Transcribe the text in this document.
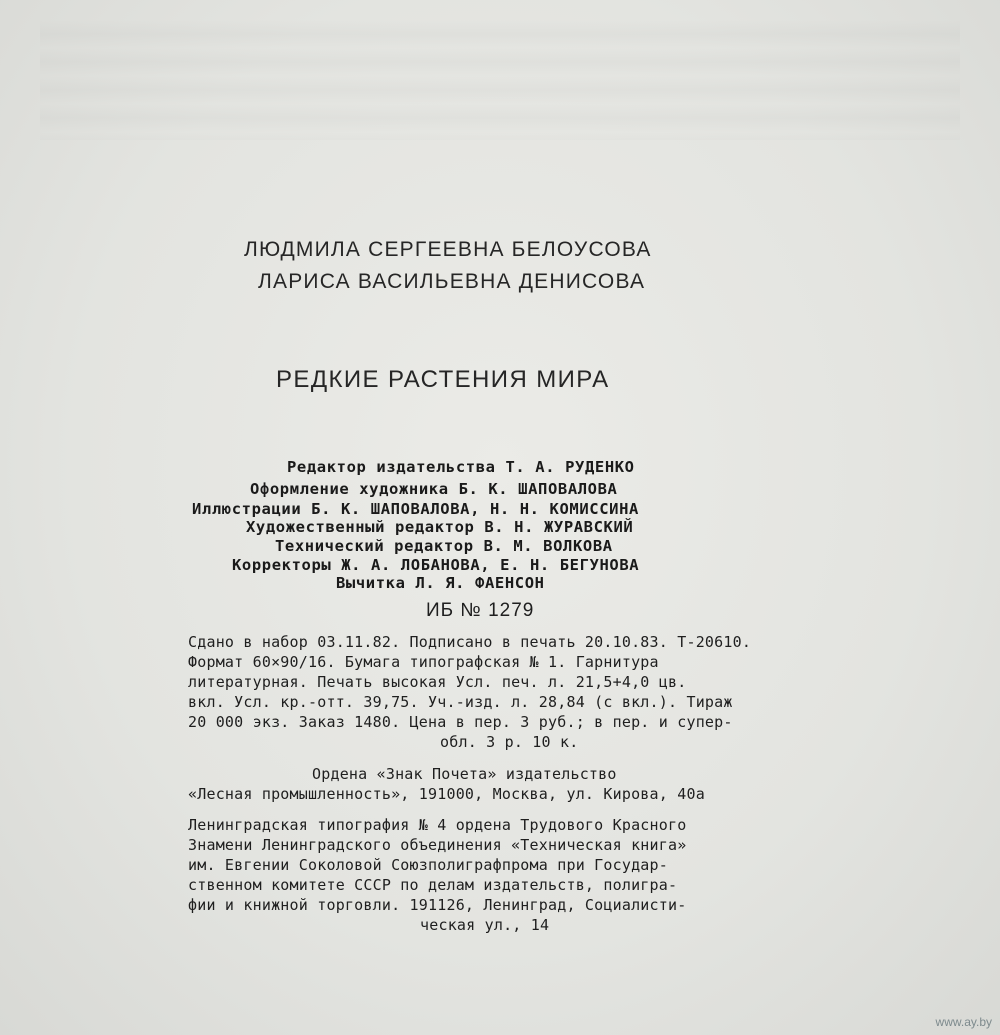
ЛЮДМИЛА СЕРГЕЕВНА БЕЛОУСОВА

ЛАРИСА ВАСИЛЬЕВНА ДЕНИСОВА

РЕДКИЕ РАСТЕНИЯ МИРА

Редактор издательства Т. А. РУДЕНКО

Оформление художника Б. К. ШАПОВАЛОВА

Иллюстрации Б. К. ШАПОВАЛОВА, Н. Н. КОМИССИНА

Художественный редактор В. Н. ЖУРАВСКИЙ

Технический редактор В. М. ВОЛКОВА

Корректоры Ж. А. ЛОБАНОВА, Е. Н. БЕГУНОВА

Вычитка Л. Я. ФАЕНСОН

ИБ № 1279

Сдано в набор 03.11.82. Подписано в печать 20.10.83. Т-20610.

Формат 60×90/16. Бумага типографская № 1. Гарнитура

литературная. Печать высокая Усл. печ. л. 21,5+4,0 цв.

вкл. Усл. кр.-отт. 39,75. Уч.-изд. л. 28,84 (с вкл.). Тираж

20 000 экз. Заказ 1480. Цена в пер. 3 руб.; в пер. и супер-

обл. 3 р. 10 к.

Ордена «Знак Почета» издательство

«Лесная промышленность», 191000, Москва, ул. Кирова, 40а

Ленинградская типография № 4 ордена Трудового Красного

Знамени Ленинградского объединения «Техническая книга»

им. Евгении Соколовой Союзполиграфпрома при Государ-

ственном комитете СССР по делам издательств, полигра-

фии и книжной торговли. 191126, Ленинград, Социалисти-

ческая ул., 14

www.ay.by
